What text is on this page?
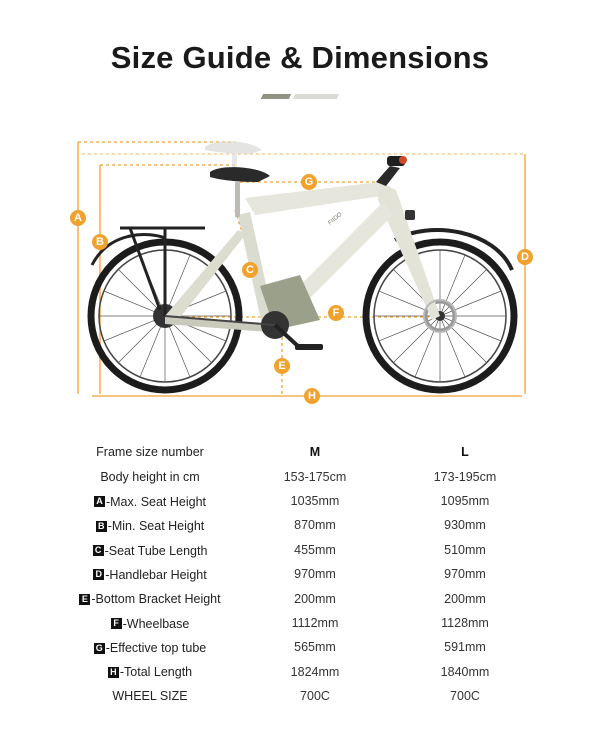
Size Guide & Dimensions
FIIDO
A
B
C
D
E
F
G
H
Frame size number	M	L

Body height in cm	153-175cm	173-195cm

A -Max. Seat Height	1035mm	1095mm

B -Min. Seat Height	870mm	930mm

C -Seat Tube Length	455mm	510mm

D -Handlebar Height	970mm	970mm

E -Bottom Bracket Height	200mm	200mm

F -Wheelbase	1112mm	1128mm

G -Effective top tube	565mm	591mm

H -Total Length	1824mm	1840mm

WHEEL SIZE	700C	700C
